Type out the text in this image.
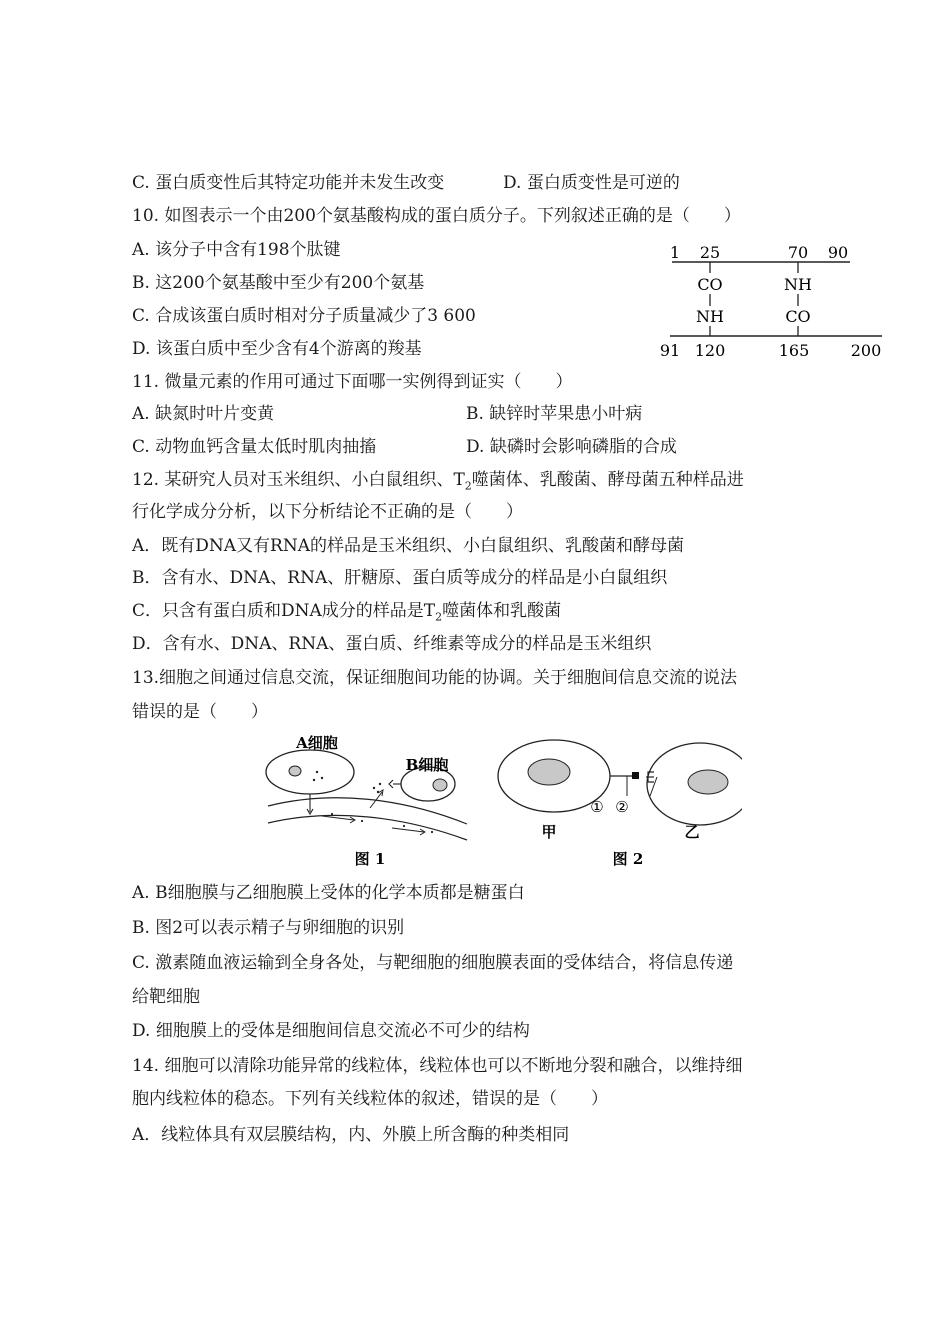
C. 蛋白质变性后其特定功能并未发生改变	D. 蛋白质变性是可逆的
10. 如图表示一个由200个氨基酸构成的蛋白质分子。下列叙述正确的是（　　）
A. 该分子中含有198个肽键
B. 这200个氨基酸中至少有200个氨基
C. 合成该蛋白质时相对分子质量减少了3 600
D. 该蛋白质中至少含有4个游离的羧基
1 25	70 90
CO
NH
NH
CO
91 120	165	200
11. 微量元素的作用可通过下面哪一实例得到证实（　　）
A. 缺氮时叶片变黄	B. 缺锌时苹果患小叶病
C. 动物血钙含量太低时肌肉抽搐	D. 缺磷时会影响磷脂的合成
12. 某研究人员对玉米组织、小白鼠组织、$T_2$噬菌体、乳酸菌、酵母菌五种样品进
行化学成分分析，以下分析结论不正确的是（　　）
A．既有DNA又有RNA的样品是玉米组织、小白鼠组织、乳酸菌和酵母菌
B．含有水、DNA、RNA、肝糖原、蛋白质等成分的样品是小白鼠组织
C．只含有蛋白质和DNA成分的样品是$T_2$噬菌体和乳酸菌
D．含有水、DNA、RNA、蛋白质、纤维素等成分的样品是玉米组织
13.细胞之间通过信息交流，保证细胞间功能的协调。关于细胞间信息交流的说法
错误的是（　　）
A细胞
B细胞
图 1
① ②
甲	乙
图 2
A. B细胞膜与乙细胞膜上受体的化学本质都是糖蛋白
B. 图2可以表示精子与卵细胞的识别
C. 激素随血液运输到全身各处，与靶细胞的细胞膜表面的受体结合，将信息传递
给靶细胞
D. 细胞膜上的受体是细胞间信息交流必不可少的结构
14. 细胞可以清除功能异常的线粒体，线粒体也可以不断地分裂和融合，以维持细
胞内线粒体的稳态。下列有关线粒体的叙述，错误的是（　　）
A．线粒体具有双层膜结构，内、外膜上所含酶的种类相同
